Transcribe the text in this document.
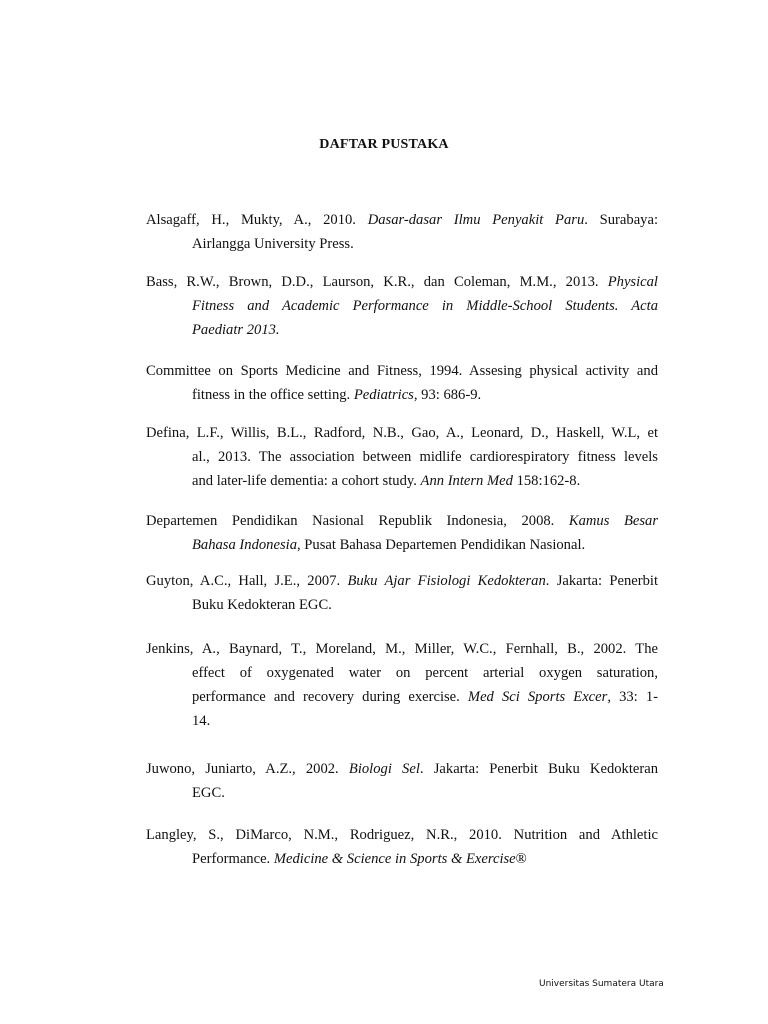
DAFTAR PUSTAKA
Alsagaff, H., Mukty, A., 2010. Dasar-dasar Ilmu Penyakit Paru. Surabaya:
Airlangga University Press.
Bass, R.W., Brown, D.D., Laurson, K.R., dan Coleman, M.M., 2013. Physical
Fitness and Academic Performance in Middle-School Students. Acta
Paediatr 2013.
Committee on Sports Medicine and Fitness, 1994. Assesing physical activity and
fitness in the office setting. Pediatrics, 93: 686-9.
Defina, L.F., Willis, B.L., Radford, N.B., Gao, A., Leonard, D., Haskell, W.L, et
al., 2013. The association between midlife cardiorespiratory fitness levels
and later-life dementia: a cohort study. Ann Intern Med 158:162-8.
Departemen Pendidikan Nasional Republik Indonesia, 2008. Kamus Besar
Bahasa Indonesia, Pusat Bahasa Departemen Pendidikan Nasional.
Guyton, A.C., Hall, J.E., 2007. Buku Ajar Fisiologi Kedokteran. Jakarta: Penerbit
Buku Kedokteran EGC.
Jenkins, A., Baynard, T., Moreland, M., Miller, W.C., Fernhall, B., 2002. The
effect of oxygenated water on percent arterial oxygen saturation,
performance and recovery during exercise. Med Sci Sports Excer, 33: 1-
14.
Juwono, Juniarto, A.Z., 2002. Biologi Sel. Jakarta: Penerbit Buku Kedokteran
EGC.
Langley, S., DiMarco, N.M., Rodriguez, N.R., 2010. Nutrition and Athletic
Performance. Medicine & Science in Sports & Exercise®
Universitas Sumatera Utara
